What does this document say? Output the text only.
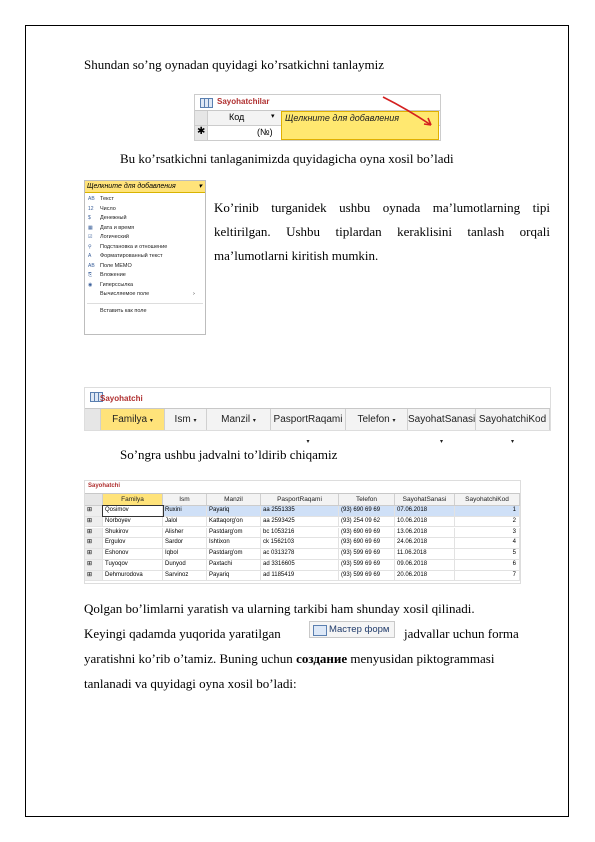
Shundan so’ng oynadan quyidagi ko’rsatkichni tanlaymiz
Sayohatchilar
Код	▾
✱	(№)
Щелкните для добавления
Bu ko’rsatkichni tanlaganimizda quyidagicha oyna xosil bo’ladi
Щелкните для добавления	▾
AB Текст
12 Число
$	Денежный
▦ Дата и время
☑ Логический
⚲	Подстановка и отношение
A	Форматированный текст
AB Поле MEMO
⎘	Вложение
◉ Гиперссылка
Вычисляемое поле	›
Вставить как поле
Ko’rinib turganidek ushbu oynada ma’lumotlarning tipi
keltirilgan. Ushbu tiplardan keraklisini tanlash orqali
ma’lumotlarni kiritish mumkin.
Sayohatchi
Familya ▾	Ism ▾	Manzil ▾	PasportRaqami ▾
Telefon ▾	SayohatSanasi ▾
SayohatchiKod ▾
So’ngra ushbu jadvalni to’ldirib chiqamiz
Sayohatchi
Familya	Ism	Manzil	PasportRaqami	Telefon	SayohatSanasi	SayohatchiKod
⊞	Qosimov	Ruxini	Payariq	aa 2551335	(93) 690 69 69	07.06.2018	1
⊞	Norboyev	Jalol	Kattaqorg'on	aa 2593425	(93) 254 09 62	10.06.2018	2
⊞	Shukirov	Alisher	Pastdarg'om	bc 1053216	(93) 690 69 69	13.06.2018	3
⊞	Ergulov	Sardor	Ishtixon	ck 1562103	(93) 690 69 69	24.06.2018	4
⊞	Eshonov	Iqbol	Pastdarg'om	ac 0313278	(93) 599 69 69	11.06.2018	5
⊞	Tuyoqov	Dunyod	Paxtachi	ad 3316605	(93) 599 69 69	09.06.2018	6
⊞	Dehmurodova	Sarvinoz	Payariq	ad 1185419	(93) 599 69 69	20.06.2018	7
Qolgan bo’limlarni yaratish va ularning tarkibi ham shunday xosil qilinadi.
Keyingi qadamda yuqorida yaratilgan	Мастер форм	jadvallar uchun forma
yaratishni ko’rib o’tamiz. Buning uchun создание menyusidan piktogrammasi
tanlanadi va quyidagi oyna xosil bo’ladi:
